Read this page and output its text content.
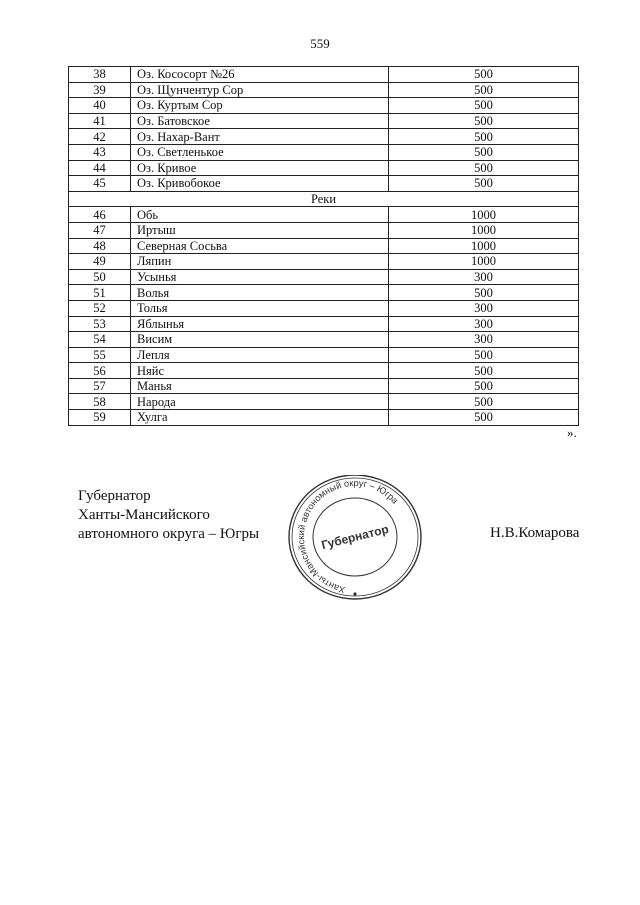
559
38	Оз. Кососорт №26	500
39	Оз. Щунчентур Сор	500
40	Оз. Куртым Сор	500
41	Оз. Батовское	500
42	Оз. Нахар-Вант	500
43	Оз. Светленькое	500
44	Оз. Кривое	500
45	Оз. Кривобокое	500
Реки		
46	Обь	1000
47	Иртыш	1000
48	Северная Сосьва	1000
49	Ляпин	1000
50	Усынья	300
51	Волья	500
52	Толья	300
53	Яблынья	300
54	Висим	300
55	Лепля	500
56	Няйс	500
57	Манья	500
58	Народа	500
59	Хулга	500
».
Губернатор
Ханты-Мансийского
автономного округа – Югры	Н.В.Комарова
Ханты-Мансийский автономный округ – Югра
Губернатор
